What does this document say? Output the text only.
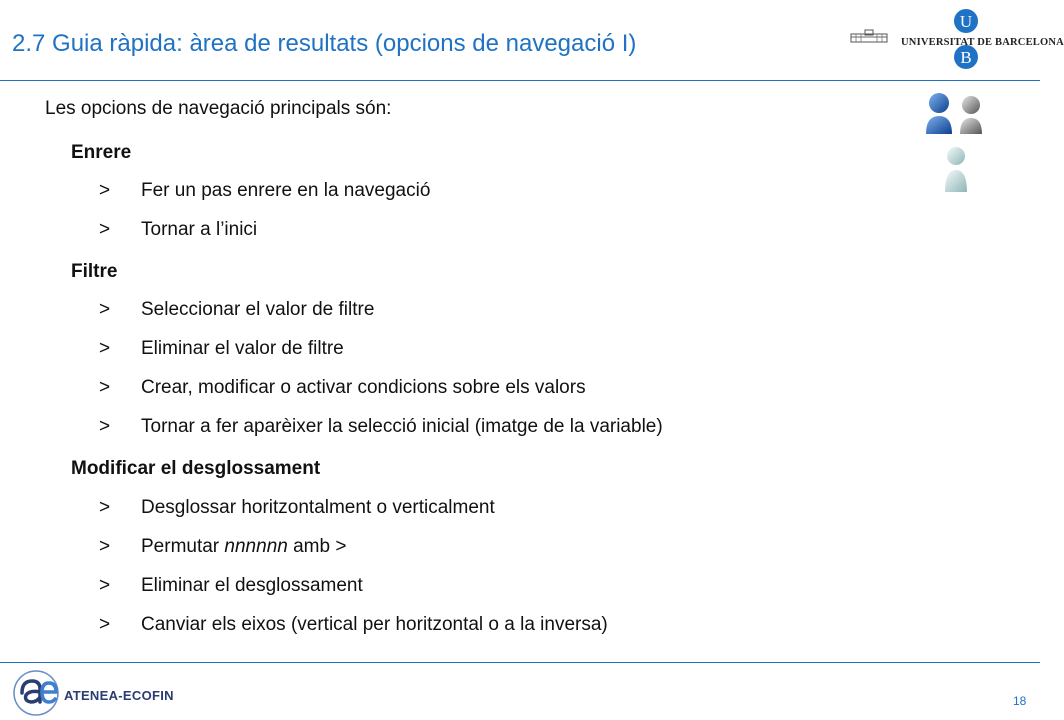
2.7 Guia ràpida: àrea de resultats (opcions de navegació I)
U
B
UNIVERSITAT DE BARCELONA
Les opcions de navegació principals són:
Enrere
> Fer un pas enrere en la navegació
> Tornar a l’inici
Filtre
> Seleccionar el valor de filtre
> Eliminar el valor de filtre
> Crear, modificar o activar condicions sobre els valors
> Tornar a fer aparèixer la selecció inicial (imatge de la variable)
Modificar el desglossament
> Desglossar horitzontalment o verticalment
> Permutar nnnnnn amb >
> Eliminar el desglossament
> Canviar els eixos (vertical per horitzontal o a la inversa)
ATENEA-ECOFIN	18
